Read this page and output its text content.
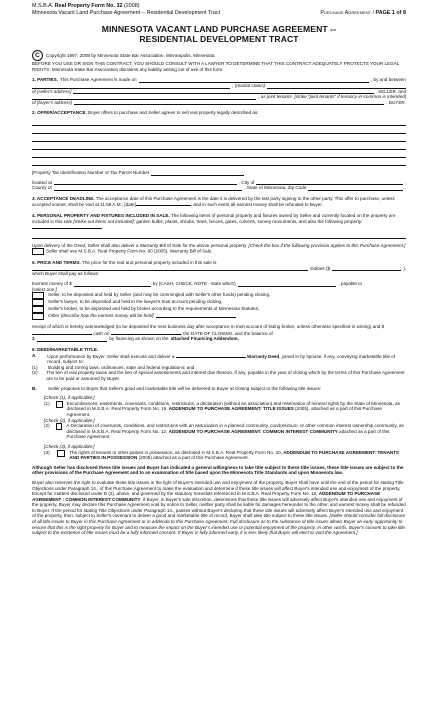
M.S.B.A. Real Property Form No. 32 (2008)
Minnesota Vacant Land Purchase Agreement -- Residential Development Tract	Purchase Agreement / PAGE 1 of 8
MINNESOTA VACANT LAND PURCHASE AGREEMENT --
RESIDENTIAL DEVELOPMENT TRACT
C	Copyright 1997, 2008 by Minnesota State Bar Association, Minneapolis, Minnesota.

BEFORE YOU USE OR SIGN THIS CONTRACT, YOU SHOULD CONSULT WITH A LAWYER TO DETERMINE THAT THIS CONTRACT ADEQUATELY PROTECTS YOUR LEGAL RIGHTS. Minnesota State Bar Association disclaims any liability arising out of use of this form.

1. PARTIES. This Purchase Agreement is made on	, by and between
, (marital status)
of [seller's address]	, SELLER, and
, as joint tenants- [strike "joint tenants" if tenancy-in-common is intended]
of [buyer's address]	, BUYER.

2. OFFER/ACCEPTANCE. Buyer offers to purchase and Seller agrees to sell real property legally described as:

[Property Tax Identification Number or Tax Parcel Number
located at	, City of	,
County of	, State of Minnesota, Zip Code	.

3. ACCEPTANCE DEADLINE. The acceptance date of this Purchase Agreement is the date it is delivered by the last party signing to the other party. This offer to purchase, unless accepted sooner, shall be void at 11:59 A.M., [date]	, and in such event all earnest money shall be refunded to Buyer.

4. PERSONAL PROPERTY AND FIXTURES INCLUDED IN SALE. The following items of personal property and fixtures owned by Seller and currently located on the property are included in this sale [Strike out items not included]: garden bulbs, plants, shrubs, trees, fences, gates, culverts, survey monuments, and also the following property:

Upon delivery of the Deed, Seller shall also deliver a Warranty Bill of Sale for the above personal property. [Check the box if the following provision applies to this Purchase Agreement.] Seller shall use M.S.B.A. Real Property Form No. 90 (2005), Warranty Bill of Sale.

5. PRICE AND TERMS. The price for the real and personal property included in this sale is

Dollars ($	),

which Buyer shall pay as follows:

Earnest money of $	by (CASH, CHECK, NOTE - state which)	, payable to

[select one:]

Seller, to be deposited and held by Seller (and may be commingled with Seller's other funds) pending closing,
Seller's lawyer, to be deposited and held in the lawyer's trust account pending closing,
Seller's broker, to be deposited and held by broker according to the requirements of Minnesota Statutes,
Other [describe how the earnest money will be held]

receipt of which is hereby acknowledged (to be deposited the next business day after acceptance in trust account of listing broker, unless otherwise specified in writing) and $ cash on	, the DATE OF CLOSING, and the balance of

$	by financing as shown on the attached Financing Addendum.

6. DEED/MARKETABLE TITLE.

A.	Upon performance by Buyer, Seller shall execute and deliver a	Warranty Deed, joined in by spouse, if any, conveying marketable title of record, subject to:

(1)	Building and zoning laws, ordinances, state and federal regulations; and

(2)	The lien of real property taxes and the lien of special assessments and interest due thereon, if any, payable in the year of closing which by the terms of this Purchase Agreement are to be paid or assumed by Buyer.

B.	Seller proposes to Buyer that Seller's good and marketable title will be delivered to Buyer at closing subject to the following title issues:

[Check (1), if applicable:]

(1)	Encumbrances, easements, covenants, conditions, restrictions, a declaration (without an association) and reservation of mineral rights by the State of Minnesota, as disclosed in M.S.B.A. Real Property Form No. 19, ADDENDUM TO PURCHASE AGREEMENT: TITLE ISSUES (2005), attached as a part of this Purchase Agreement.

[Check (2), if applicable:]

(2)	A Declaration of covenants, conditions, and restrictions with an association in a planned community, condominium, or other common interest ownership community, as disclosed in M.S.B.A. Real Property Form No. 12, ADDENDUM TO PURCHASE AGREEMENT: COMMON INTEREST COMMUNITY attached as a part of this Purchase Agreement.

[Check (3), if applicable:]

(3)	The rights of tenants or other parties in possession, as disclosed in M.S.B.A. Real Property Form No. 20, ADDENDUM TO PURCHASE AGREEMENT: TENANTS AND PARTIES IN POSSESSION (2005) attached as a part of this Purchase Agreement.

Although Seller has disclosed these title issues and Buyer has indicated a general willingness to take title subject to these title issues, these title issues are subject to the other provisions of the Purchase Agreement and to an examination of title based upon the Minnesota Title Standards and upon Minnesota law.

Buyer also reserves the right to evaluate these title issues in the light of Buyer's intended use and enjoyment of the property. Buyer shall have until the end of the period for stating Title Objections under Paragraph 14., of this Purchase Agreement to make the evaluation and determine if these title issues will affect Buyer's intended use and enjoyment of the property. Except for matters disclosed under B (2), above, and governed by the statutory remedies referenced in M.S.B.A. Real Property Form No. 12, ADDENDUM TO PURCHASE AGREEMENT : COMMON INTEREST COMMUNITY, if Buyer, in Buyer's sole discretion, determines that these title issues will adversely affect Buyer's intended use and enjoyment of the property, Buyer may declare this Purchase Agreement void by notice to Seller, neither party shall be liable for damages hereunder to the other, and earnest money shall be refunded to Buyer. If the period for stating Title Objections under Paragraph 14., passes without Buyer's declaring that these title issues will adversely affect Buyer's intended use and enjoyment of the property, then, subject to Seller's covenant to deliver a good and marketable title of record, Buyer shall take title subject to these title issues. [Seller should consider full disclosure of all title issues to Buyer in this Purchase Agreement or in addenda to this Purchase Agreement. Full disclosure as to the substance of title issues allows Buyer an early opportunity to ensure that this is the right property for Buyer and to measure the impact on the Buyer's intended use or potential enjoyment of the property. In other words, Buyer's consent to take title subject to the existence of title issues must be a fully informed consent. If Buyer is fully informed early, it is less likely that Buyer will elect to void the Agreement.]
